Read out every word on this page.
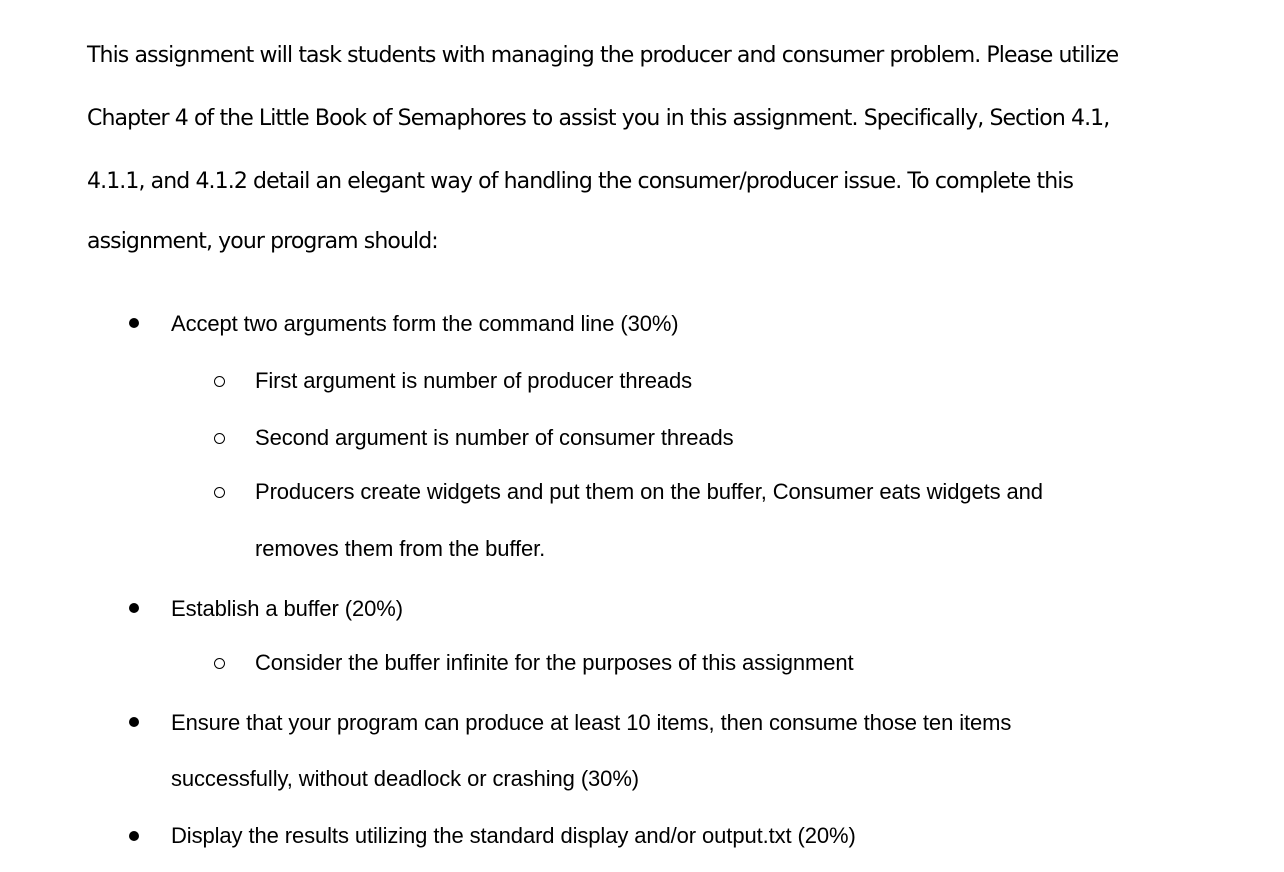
This assignment will task students with managing the producer and consumer problem. Please utilize
Chapter 4 of the Little Book of Semaphores to assist you in this assignment. Specifically, Section 4.1,
4.1.1, and 4.1.2 detail an elegant way of handling the consumer/producer issue. To complete this
assignment, your program should:
Accept two arguments form the command line (30%)
First argument is number of producer threads
Second argument is number of consumer threads
Producers create widgets and put them on the buffer, Consumer eats widgets and
removes them from the buffer.
Establish a buffer (20%)
Consider the buffer infinite for the purposes of this assignment
Ensure that your program can produce at least 10 items, then consume those ten items
successfully, without deadlock or crashing (30%)
Display the results utilizing the standard display and/or output.txt (20%)
